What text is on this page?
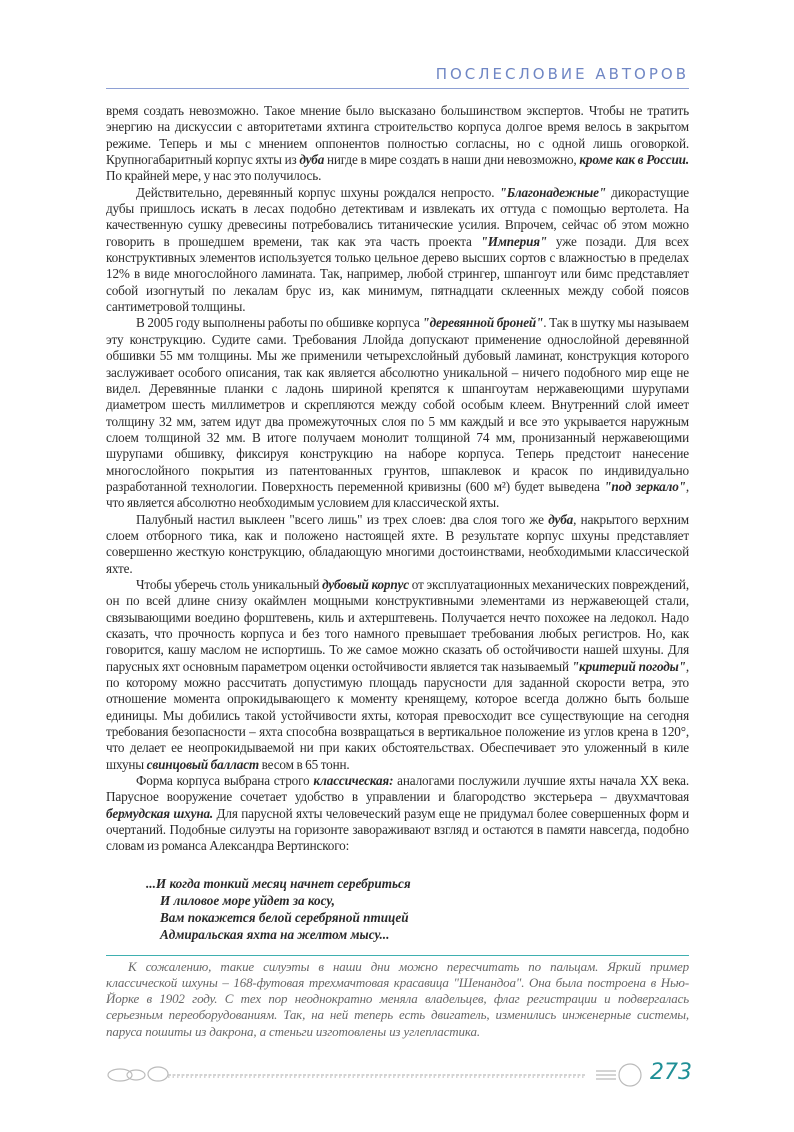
ПОСЛЕСЛОВИЕ АВТОРОВ

время создать невозможно. Такое мнение было высказано большинством экспертов. Чтобы не тратить энергию на дискуссии с авторитетами яхтинга строительство корпуса долгое время велось в закрытом режиме. Теперь и мы с мнением оппонентов полностью согласны, но с одной лишь оговоркой. Крупногабаритный корпус яхты из дуба нигде в мире создать в наши дни невозможно, кроме как в России. По крайней мере, у нас это получилось.

Действительно, деревянный корпус шхуны рождался непросто. "Благонадежные" дикорастущие дубы пришлось искать в лесах подобно детективам и извлекать их оттуда с помощью вертолета. На качественную сушку древесины потребовались титанические усилия. Впрочем, сейчас об этом можно говорить в прошедшем времени, так как эта часть проекта "Империя" уже позади. Для всех конструктивных элементов используется только цельное дерево высших сортов с влажностью в пределах 12% в виде многослойного ламината. Так, например, любой стрингер, шпангоут или бимс представляет собой изогнутый по лекалам брус из, как минимум, пятнадцати склеенных между собой поясов сантиметровой толщины.

В 2005 году выполнены работы по обшивке корпуса "деревянной броней". Так в шутку мы называем эту конструкцию. Судите сами. Требования Ллойда допускают применение однослойной деревянной обшивки 55 мм толщины. Мы же применили четырехслойный дубовый ламинат, конструкция которого заслуживает особого описания, так как является абсолютно уникальной – ничего подобного мир еще не видел. Деревянные планки с ладонь шириной крепятся к шпангоутам нержавеющими шурупами диаметром шесть миллиметров и скрепляются между собой особым клеем. Внутренний слой имеет толщину 32 мм, затем идут два промежуточных слоя по 5 мм каждый и все это укрывается наружным слоем толщиной 32 мм. В итоге получаем монолит толщиной 74 мм, пронизанный нержавеющими шурупами обшивку, фиксируя конструкцию на наборе корпуса. Теперь предстоит нанесение многослойного покрытия из патентованных грунтов, шпаклевок и красок по индивидуально разработанной технологии. Поверхность переменной кривизны (600 м²) будет выведена "под зеркало", что является абсолютно необходимым условием для классической яхты.

Палубный настил выклеен "всего лишь" из трех слоев: два слоя того же дуба, накрытого верхним слоем отборного тика, как и положено настоящей яхте. В результате корпус шхуны представляет совершенно жесткую конструкцию, обладающую многими достоинствами, необходимыми классической яхте.

Чтобы уберечь столь уникальный дубовый корпус от эксплуатационных механических повреждений, он по всей длине снизу окаймлен мощными конструктивными элементами из нержавеющей стали, связывающими воедино форштевень, киль и ахтерштевень. Получается нечто похожее на ледокол. Надо сказать, что прочность корпуса и без того намного превышает требования любых регистров. Но, как говорится, кашу маслом не испортишь. То же самое можно сказать об остойчивости нашей шхуны. Для парусных яхт основным параметром оценки остойчивости является так называемый "критерий погоды", по которому можно рассчитать допустимую площадь парусности для заданной скорости ветра, это отношение момента опрокидывающего к моменту кренящему, которое всегда должно быть больше единицы. Мы добились такой устойчивости яхты, которая превосходит все существующие на сегодня требования безопасности – яхта способна возвращаться в вертикальное положение из углов крена в 120°, что делает ее неопрокидываемой ни при каких обстоятельствах. Обеспечивает это уложенный в киле шхуны свинцовый балласт весом в 65 тонн.

Форма корпуса выбрана строго классическая: аналогами послужили лучшие яхты начала XX века. Парусное вооружение сочетает удобство в управлении и благородство экстерьера – двухмачтовая бермудская шхуна. Для парусной яхты человеческий разум еще не придумал более совершенных форм и очертаний. Подобные силуэты на горизонте завораживают взгляд и остаются в памяти навсегда, подобно словам из романса Александра Вертинского:

...И когда тонкий месяц начнет серебриться
И лиловое море уйдет за косу,
Вам покажется белой серебряной птицей
Адмиральская яхта на желтом мысу...
К сожалению, такие силуэты в наши дни можно пересчитать по пальцам. Яркий пример классической шхуны – 168-футовая трехмачтовая красавица "Шенандоа". Она была построена в Нью-Йорке в 1902 году. С тех пор неоднократно меняла владельцев, флаг регистрации и подвергалась серьезным переоборудованиям. Так, на ней теперь есть двигатель, изменились инженерные системы, паруса пошиты из дакрона, а стеньги изготовлены из углепластика.
273
